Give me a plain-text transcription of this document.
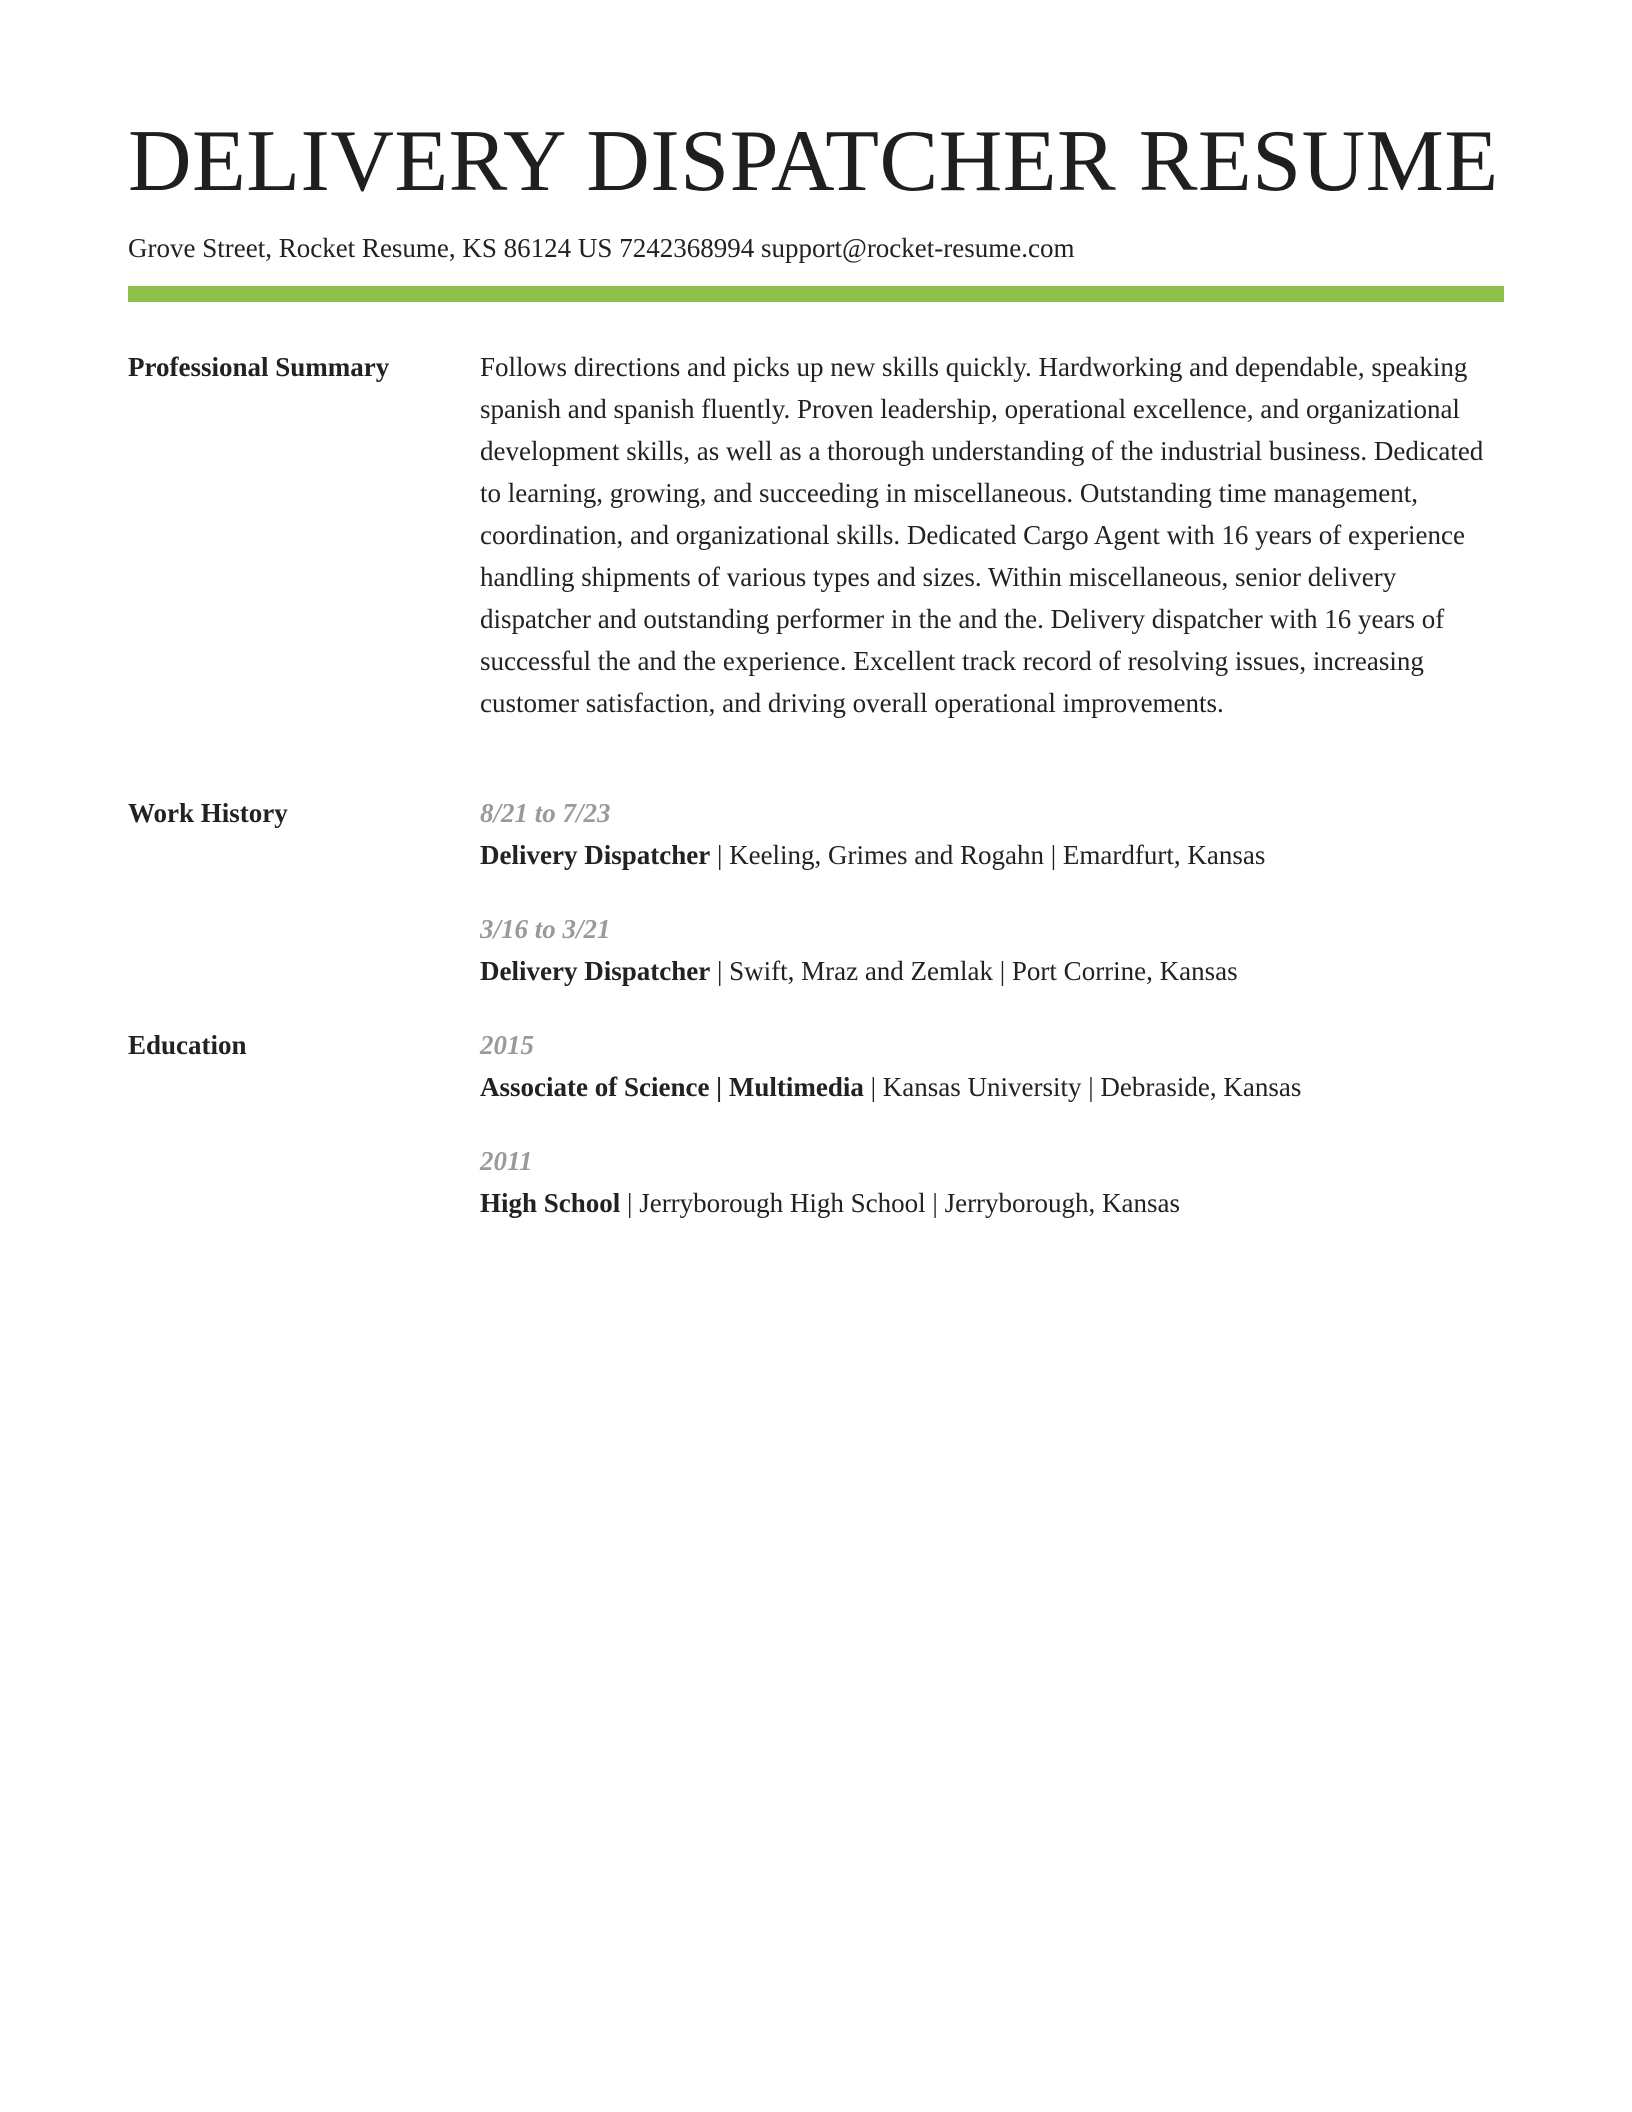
DELIVERY DISPATCHER RESUME
Grove Street, Rocket Resume, KS 86124 US 7242368994 support@rocket-resume.com
Professional Summary	Follows directions and picks up new skills quickly. Hardworking and dependable, speaking spanish and spanish fluently. Proven leadership, operational excellence, and organizational development skills, as well as a thorough understanding of the industrial business. Dedicated to learning, growing, and succeeding in miscellaneous. Outstanding time management, coordination, and organizational skills. Dedicated Cargo Agent with 16 years of experience handling shipments of various types and sizes. Within miscellaneous, senior delivery dispatcher and outstanding performer in the and the. Delivery dispatcher with 16 years of successful the and the experience. Excellent track record of resolving issues, increasing customer satisfaction, and driving overall operational improvements.

Work History	8/21 to 7/23
Delivery Dispatcher | Keeling, Grimes and Rogahn | Emardfurt, Kansas
3/16 to 3/21
Delivery Dispatcher | Swift, Mraz and Zemlak | Port Corrine, Kansas
Education	2015
Associate of Science | Multimedia | Kansas University | Debraside, Kansas
2011
High School | Jerryborough High School | Jerryborough, Kansas
